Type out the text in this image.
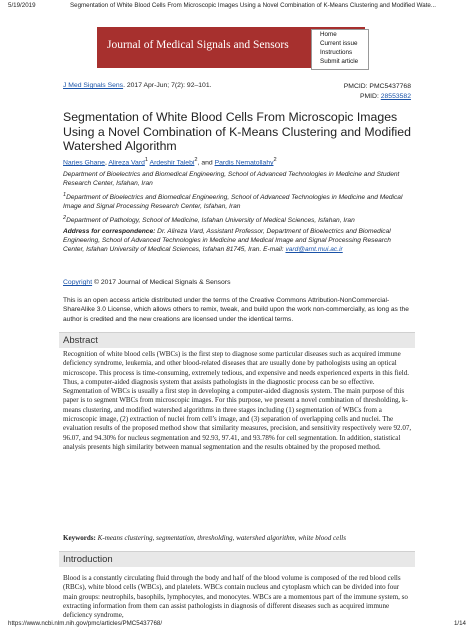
5/19/2019	Segmentation of White Blood Cells From Microscopic Images Using a Novel Combination of K-Means Clustering and Modified Wate...
Journal of Medical Signals and Sensors
Home
Current issue
Instructions
Submit article
J Med Signals Sens. 2017 Apr-Jun; 7(2): 92–101.	PMCID: PMC5437768
PMID: 28553582
Segmentation of White Blood Cells From Microscopic Images Using a Novel Combination of K-Means Clustering and Modified Watershed Algorithm
Narjes Ghane, Alireza Vard$^1$ Ardeshir Talebi$^2$, and Pardis Nematollahy$^2$

Department of Bioelectrics and Biomedical Engineering, School of Advanced Technologies in Medicine and Student Research Center, Isfahan, Iran

$^1$Department of Bioelectrics and Biomedical Engineering, School of Advanced Technologies in Medicine and Medical Image and Signal Processing Research Center, Isfahan, Iran

$^2$Department of Pathology, School of Medicine, Isfahan University of Medical Sciences, Isfahan, Iran

Address for correspondence: Dr. Alireza Vard, Assistant Professor, Department of Bioelectrics and Biomedical Engineering, School of Advanced Technologies in Medicine and Medical Image and Signal Processing Research Center, Isfahan University of Medical Sciences, Isfahan 81745, Iran. E-mail: vard@amt.mui.ac.ir

Copyright © 2017 Journal of Medical Signals & Sensors
This is an open access article distributed under the terms of the Creative Commons Attribution-NonCommercial-ShareAlike 3.0 License, which allows others to remix, tweak, and build upon the work non-commercially, as long as the author is credited and the new creations are licensed under the identical terms.
Abstract
Recognition of white blood cells (WBCs) is the first step to diagnose some particular diseases such as acquired immune deficiency syndrome, leukemia, and other blood-related diseases that are usually done by pathologists using an optical microscope. This process is time-consuming, extremely tedious, and expensive and needs experienced experts in this field. Thus, a computer-aided diagnosis system that assists pathologists in the diagnostic process can be so effective. Segmentation of WBCs is usually a first step in developing a computer-aided diagnosis system. The main purpose of this paper is to segment WBCs from microscopic images. For this purpose, we present a novel combination of thresholding, k-means clustering, and modified watershed algorithms in three stages including (1) segmentation of WBCs from a microscopic image, (2) extraction of nuclei from cell’s image, and (3) separation of overlapping cells and nuclei. The evaluation results of the proposed method show that similarity measures, precision, and sensitivity respectively were 92.07, 96.07, and 94.30% for nucleus segmentation and 92.93, 97.41, and 93.78% for cell segmentation. In addition, statistical analysis presents high similarity between manual segmentation and the results obtained by the proposed method.
Keywords: K-means clustering, segmentation, thresholding, watershed algorithm, white blood cells
Introduction
Blood is a constantly circulating fluid through the body and half of the blood volume is composed of the red blood cells (RBCs), white blood cells (WBCs), and platelets. WBCs contain nucleus and cytoplasm which can be divided into four main groups: neutrophils, basophils, lymphocytes, and monocytes. WBCs are a momentous part of the immune system, so extracting information from them can assist pathologists in diagnosis of different diseases such as acquired immune deficiency syndrome,
https://www.ncbi.nlm.nih.gov/pmc/articles/PMC5437768/	1/14
